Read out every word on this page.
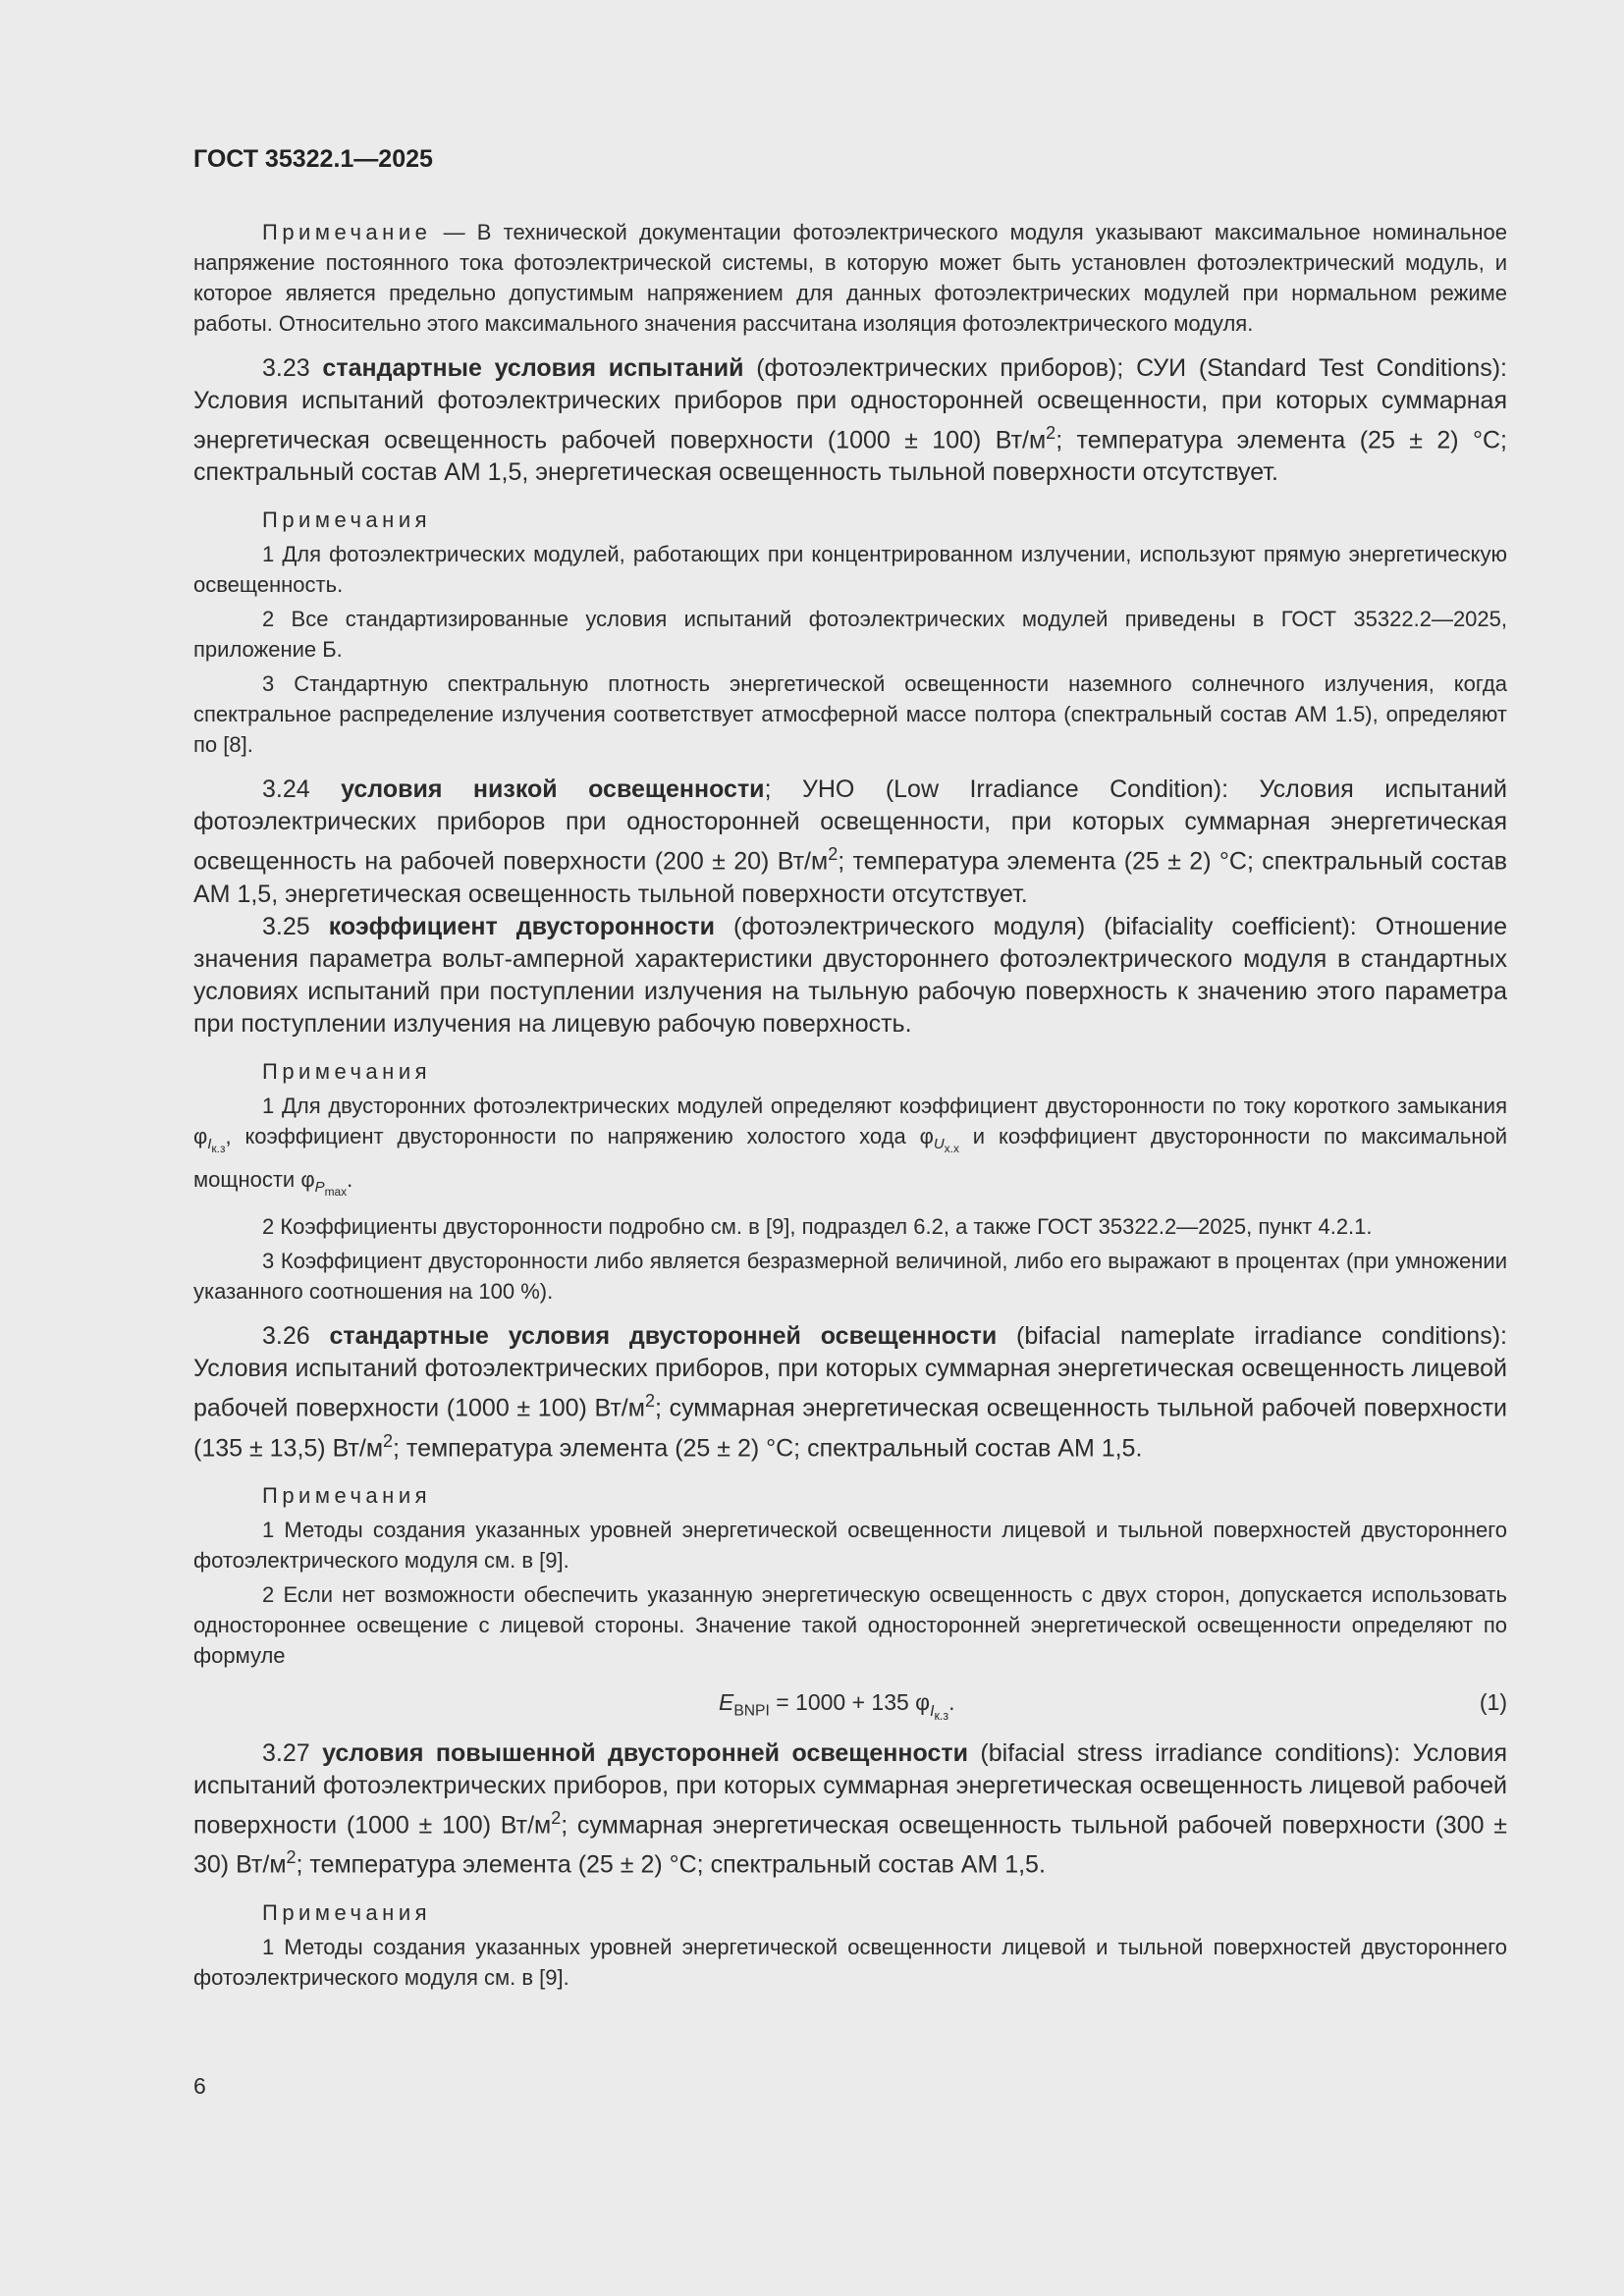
ГОСТ 35322.1—2025

Примечание — В технической документации фотоэлектрического модуля указывают максимальное номинальное напряжение постоянного тока фотоэлектрической системы, в которую может быть установлен фотоэлектрический модуль, и которое является предельно допустимым напряжением для данных фотоэлектрических модулей при нормальном режиме работы. Относительно этого максимального значения рассчитана изоляция фотоэлектрического модуля.

3.23 стандартные условия испытаний (фотоэлектрических приборов); СУИ (Standard Test Conditions): Условия испытаний фотоэлектрических приборов при односторонней освещенности, при которых суммарная энергетическая освещенность рабочей поверхности (1000 ± 100) $Вт/м^2$; температура элемента (25 ± 2) °С; спектральный состав АМ 1,5, энергетическая освещенность тыльной поверхности отсутствует.

Примечания

1 Для фотоэлектрических модулей, работающих при концентрированном излучении, используют прямую энергетическую освещенность.

2 Все стандартизированные условия испытаний фотоэлектрических модулей приведены в ГОСТ 35322.2—2025, приложение Б.

3 Стандартную спектральную плотность энергетической освещенности наземного солнечного излучения, когда спектральное распределение излучения соответствует атмосферной массе полтора (спектральный состав АМ 1.5), определяют по [8].

3.24 условия низкой освещенности; УНО (Low Irradiance Condition): Условия испытаний фотоэлектрических приборов при односторонней освещенности, при которых суммарная энергетическая освещенность на рабочей поверхности (200 ± 20) $Вт/м^2$; температура элемента (25 ± 2) °С; спектральный состав АМ 1,5, энергетическая освещенность тыльной поверхности отсутствует.

3.25 коэффициент двусторонности (фотоэлектрического модуля) (bifaciality coefficient): Отношение значения параметра вольт-амперной характеристики двустороннего фотоэлектрического модуля в стандартных условиях испытаний при поступлении излучения на тыльную рабочую поверхность к значению этого параметра при поступлении излучения на лицевую рабочую поверхность.

Примечания

1 Для двусторонних фотоэлектрических модулей определяют коэффициент двусторонности по току короткого замыкания $\varphi_{I_{к.з}}$, коэффициент двусторонности по напряжению холостого хода $\varphi_{U_{х.х}}$ и коэффициент двусторонности по максимальной мощности $\varphi_{P_{max}}$.

2 Коэффициенты двусторонности подробно см. в [9], подраздел 6.2, а также ГОСТ 35322.2—2025, пункт 4.2.1.

3 Коэффициент двусторонности либо является безразмерной величиной, либо его выражают в процентах (при умножении указанного соотношения на 100 %).

3.26 стандартные условия двусторонней освещенности (bifacial nameplate irradiance conditions): Условия испытаний фотоэлектрических приборов, при которых суммарная энергетическая освещенность лицевой рабочей поверхности (1000 ± 100) $Вт/м^2$; суммарная энергетическая освещенность тыльной рабочей поверхности (135 ± 13,5) $Вт/м^2$; температура элемента (25 ± 2) °С; спектральный состав АМ 1,5.

Примечания

1 Методы создания указанных уровней энергетической освещенности лицевой и тыльной поверхностей двустороннего фотоэлектрического модуля см. в [9].

2 Если нет возможности обеспечить указанную энергетическую освещенность с двух сторон, допускается использовать одностороннее освещение с лицевой стороны. Значение такой односторонней энергетической освещенности определяют по формуле

$E_{BNPI} = 1000 + 135$ $\varphi_{I_{к.з}}$.	(1)

3.27 условия повышенной двусторонней освещенности (bifacial stress irradiance conditions): Условия испытаний фотоэлектрических приборов, при которых суммарная энергетическая освещенность лицевой рабочей поверхности (1000 ± 100) $Вт/м^2$; суммарная энергетическая освещенность тыльной рабочей поверхности (300 ± 30) $Вт/м^2$; температура элемента (25 ± 2) °С; спектральный состав АМ 1,5.

Примечания

1 Методы создания указанных уровней энергетической освещенности лицевой и тыльной поверхностей двустороннего фотоэлектрического модуля см. в [9].

6
